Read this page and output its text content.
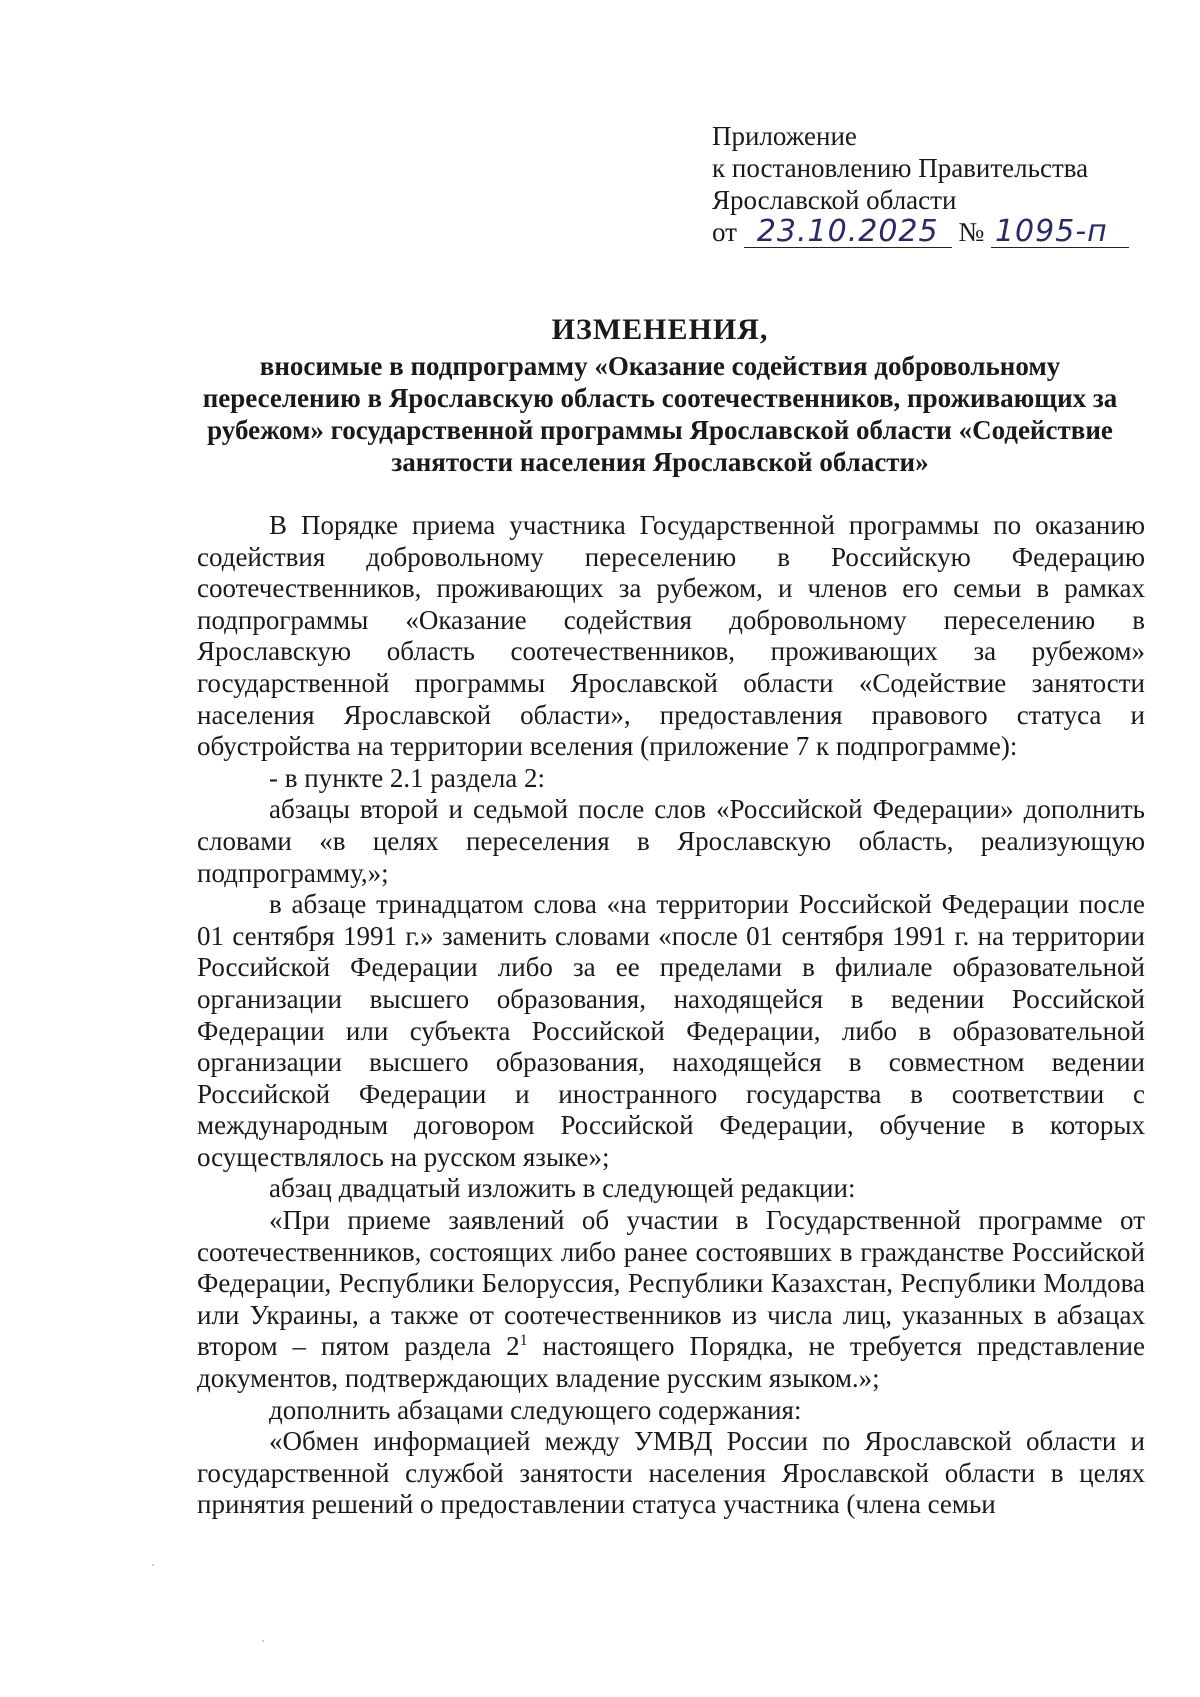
Приложение
к постановлению Правительства
Ярославской области
от 23.10.2025 № 1095-п
ИЗМЕНЕНИЯ,
вносимые в подпрограмму «Оказание содействия добровольному переселению в Ярославскую область соотечественников, проживающих за рубежом» государственной программы Ярославской области «Содействие занятости населения Ярославской области»

В Порядке приема участника Государственной программы по оказанию содействия добровольному переселению в Российскую Федерацию соотечественников, проживающих за рубежом, и членов его семьи в рамках подпрограммы «Оказание содействия добровольному переселению в Ярославскую область соотечественников, проживающих за рубежом» государственной программы Ярославской области «Содействие занятости населения Ярославской области», предоставления правового статуса и обустройства на территории вселения (приложение 7 к подпрограмме):

- в пункте 2.1 раздела 2:

абзацы второй и седьмой после слов «Российской Федерации» дополнить словами «в целях переселения в Ярославскую область, реализующую подпрограмму,»;

в абзаце тринадцатом слова «на территории Российской Федерации после 01 сентября 1991 г.» заменить словами «после 01 сентября 1991 г. на территории Российской Федерации либо за ее пределами в филиале образовательной организации высшего образования, находящейся в ведении Российской Федерации или субъекта Российской Федерации, либо в образовательной организации высшего образования, находящейся в совместном ведении Российской Федерации и иностранного государства в соответствии с международным договором Российской Федерации, обучение в которых осуществлялось на русском языке»;

абзац двадцатый изложить в следующей редакции:

«При приеме заявлений об участии в Государственной программе от соотечественников, состоящих либо ранее состоявших в гражданстве Российской Федерации, Республики Белоруссия, Республики Казахстан, Республики Молдова или Украины, а также от соотечественников из числа лиц, указанных в абзацах втором – пятом раздела $2^1$ настоящего Порядка, не требуется представление документов, подтверждающих владение русским языком.»;

дополнить абзацами следующего содержания:

«Обмен информацией между УМВД России по Ярославской области и государственной службой занятости населения Ярославской области в целях принятия решений о предоставлении статуса участника (члена семьи
